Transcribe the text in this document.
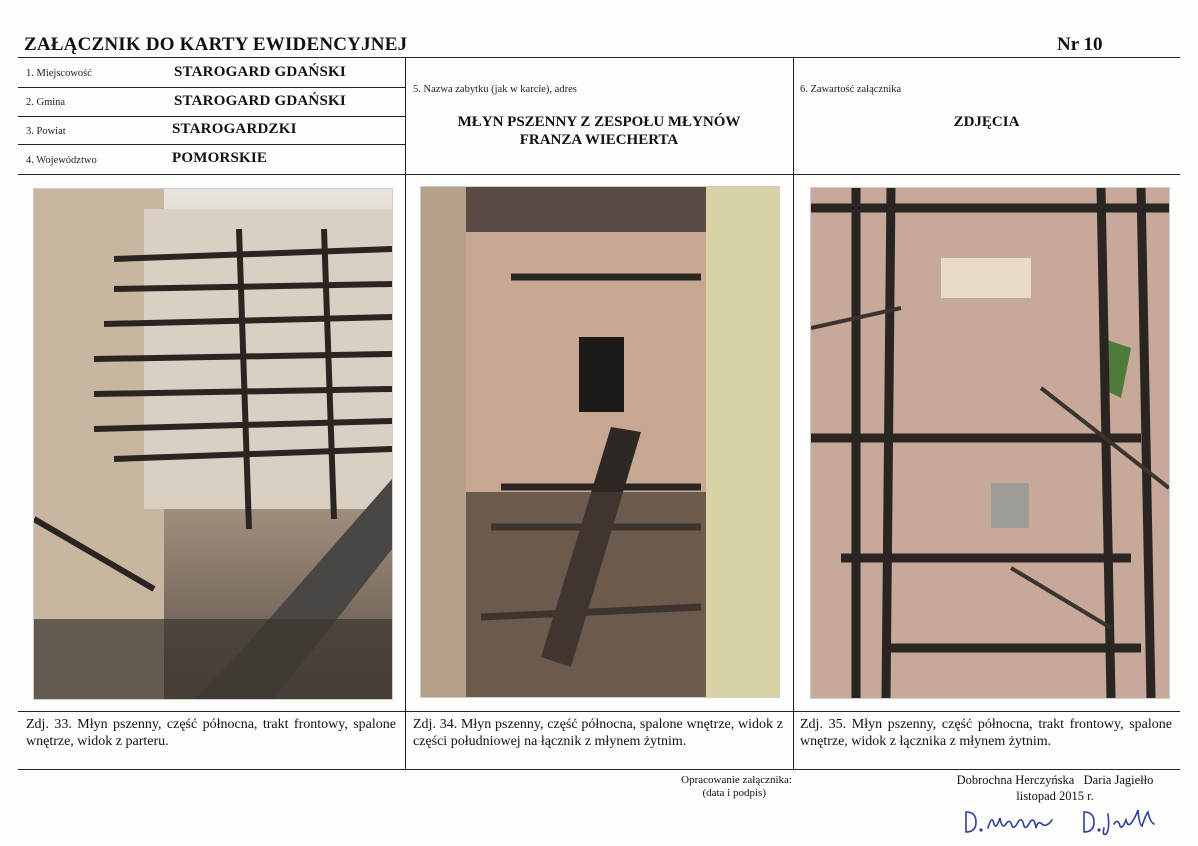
ZAŁĄCZNIK DO KARTY EWIDENCYJNEJ	Nr 10
1. Miejscowość	STAROGARD GDAŃSKI
2. Gmina	STAROGARD GDAŃSKI
3. Powiat	STAROGARDZKI
4. Województwo	POMORSKIE
5. Nazwa zabytku (jak w karcie), adres
MŁYN PSZENNY Z ZESPOŁU MŁYNÓW
FRANZA WIECHERTA
6. Zawartość załącznika
ZDJĘCIA
Zdj. 33. Młyn pszenny, część północna, trakt frontowy, spalone wnętrze, widok z parteru.
Zdj. 34. Młyn pszenny, część północna, spalone wnętrze, widok z części południowej na łącznik z młynem żytnim.
Zdj. 35. Młyn pszenny, część północna, trakt frontowy, spalone wnętrze, widok z łącznika z młynem żytnim.
Opracowanie załącznika:
(data i podpis)
Dobrochna Herczyńska   Daria Jagiełło
listopad 2015 r.
